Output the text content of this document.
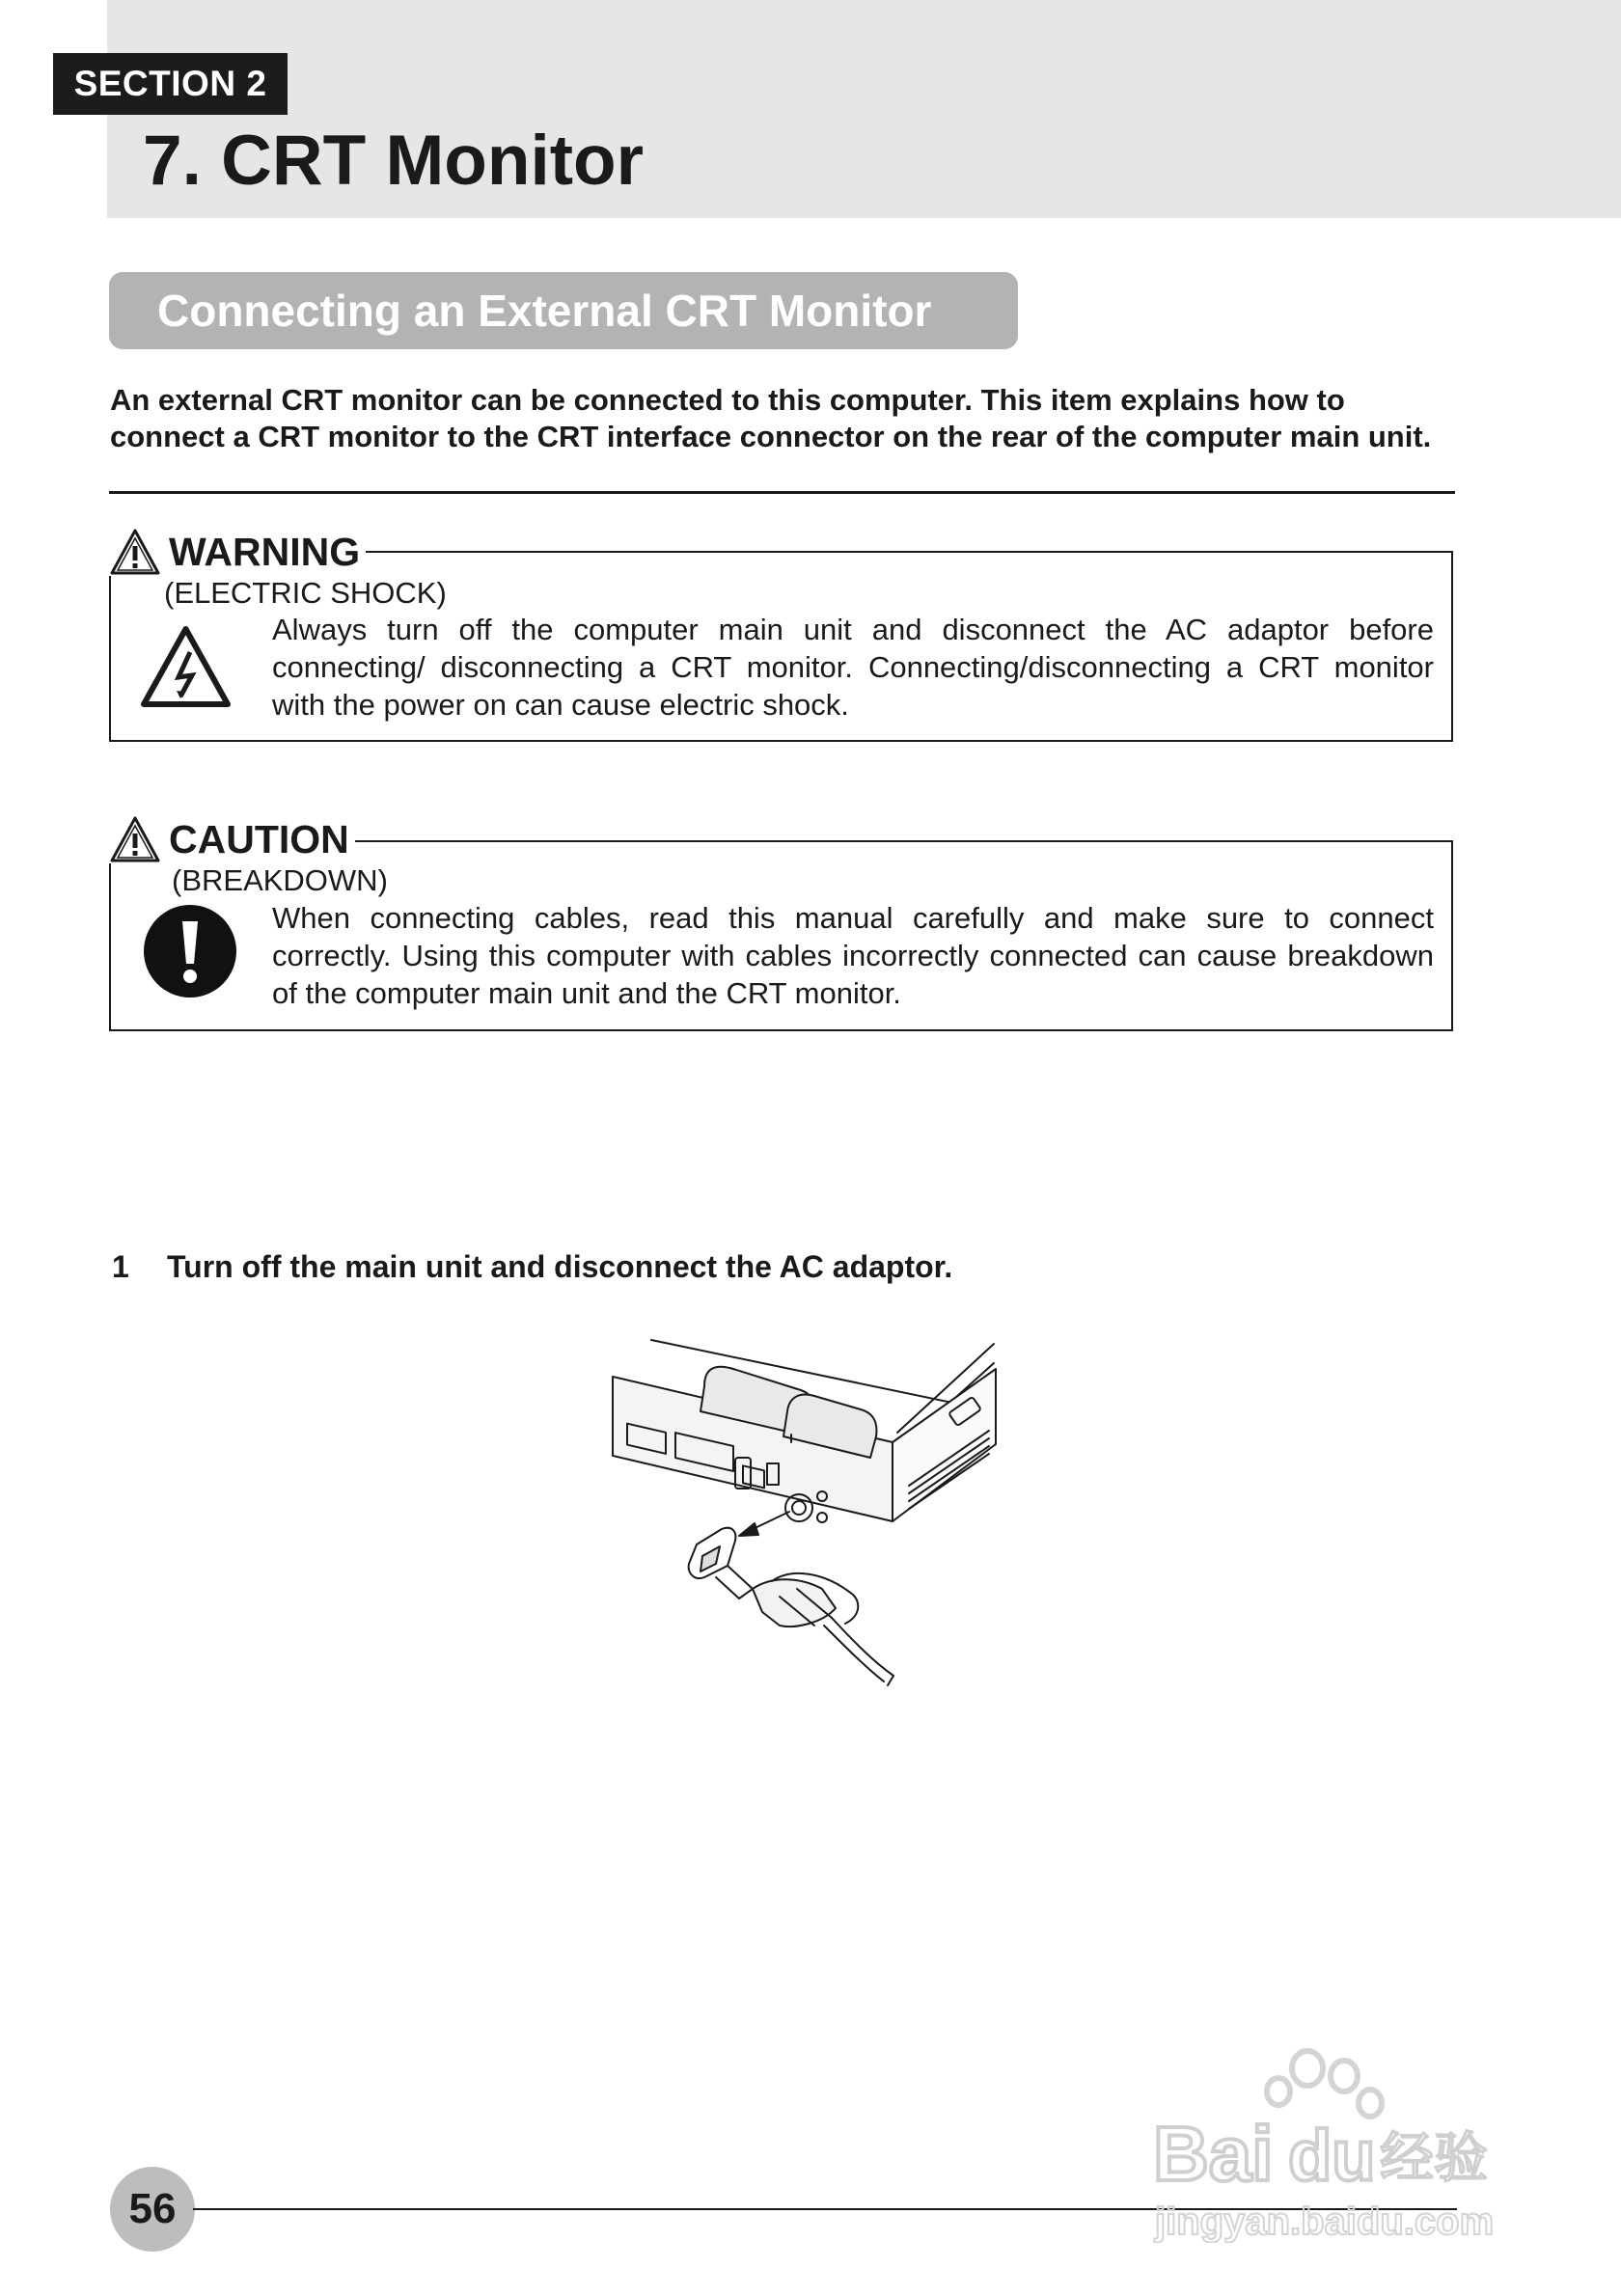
SECTION 2
7. CRT Monitor
Connecting an External CRT Monitor

An external CRT monitor can be connected to this computer. This item explains how to connect a CRT monitor to the CRT interface connector on the rear of the computer main unit.

WARNING
(ELECTRIC SHOCK)

Always turn off the computer main unit and disconnect the AC adaptor before connecting/ disconnecting a CRT monitor. Connecting/disconnecting a CRT monitor with the power on can cause electric shock.

CAUTION
(BREAKDOWN)

When connecting cables, read this manual carefully and make sure to connect correctly. Using this computer with cables incorrectly connected can cause breakdown of the computer main unit and the CRT monitor.

1 Turn off the main unit and disconnect the AC adaptor.
56
Bai du 经验
jingyan.baidu.com
